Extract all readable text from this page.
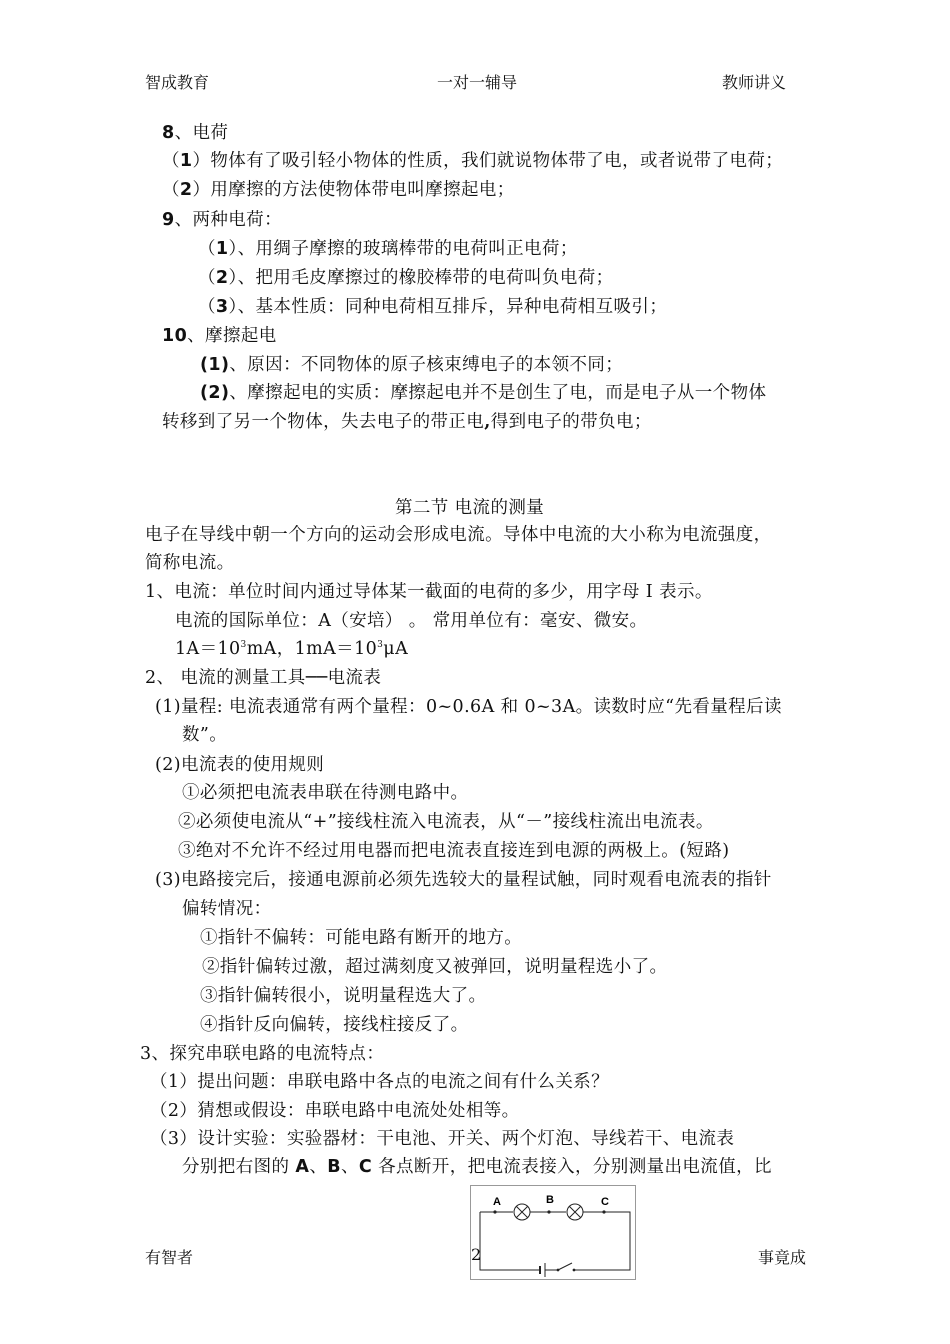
智成教育	一对一辅导	教师讲义
8、电荷
（1）物体有了吸引轻小物体的性质，我们就说物体带了电，或者说带了电荷；
（2）用摩擦的方法使物体带电叫摩擦起电；
9、两种电荷：
（1）、用绸子摩擦的玻璃棒带的电荷叫正电荷；
（2）、把用毛皮摩擦过的橡胶棒带的电荷叫负电荷；
（3）、基本性质：同种电荷相互排斥，异种电荷相互吸引；
10、摩擦起电
(1)、原因：不同物体的原子核束缚电子的本领不同；
(2)、摩擦起电的实质：摩擦起电并不是创生了电，而是电子从一个物体
转移到了另一个物体，失去电子的带正电,得到电子的带负电；
第二节 电流的测量
电子在导线中朝一个方向的运动会形成电流。导体中电流的大小称为电流强度，
简称电流。
1、电流：单位时间内通过导体某一截面的电荷的多少，用字母 I 表示。
电流的国际单位：A（安培） 。 常用单位有：毫安、微安。
$1A=10^3mA$，$1mA=10^3\mu A$
2、 电流的测量工具──电流表
(1)量程: 电流表通常有两个量程：0~0.6A 和 0~3A。读数时应“先看量程后读
数”。
(2)电流表的使用规则
①必须把电流表串联在待测电路中。
②必须使电流从“+”接线柱流入电流表，从“－”接线柱流出电流表。
③绝对不允许不经过用电器而把电流表直接连到电源的两极上。(短路)
(3)电路接完后，接通电源前必须先选较大的量程试触，同时观看电流表的指针
偏转情况：
①指针不偏转：可能电路有断开的地方。
②指针偏转过激，超过满刻度又被弹回，说明量程选小了。
③指针偏转很小，说明量程选大了。
④指针反向偏转，接线柱接反了。
3、探究串联电路的电流特点：
（1）提出问题：串联电路中各点的电流之间有什么关系？
（2）猜想或假设：串联电路中电流处处相等。
（3）设计实验：实验器材：干电池、开关、两个灯泡、导线若干、电流表
分别把右图的 A、B、C 各点断开，把电流表接入，分别测量出电流值，比
A	B	C
有智者	2	事竟成
